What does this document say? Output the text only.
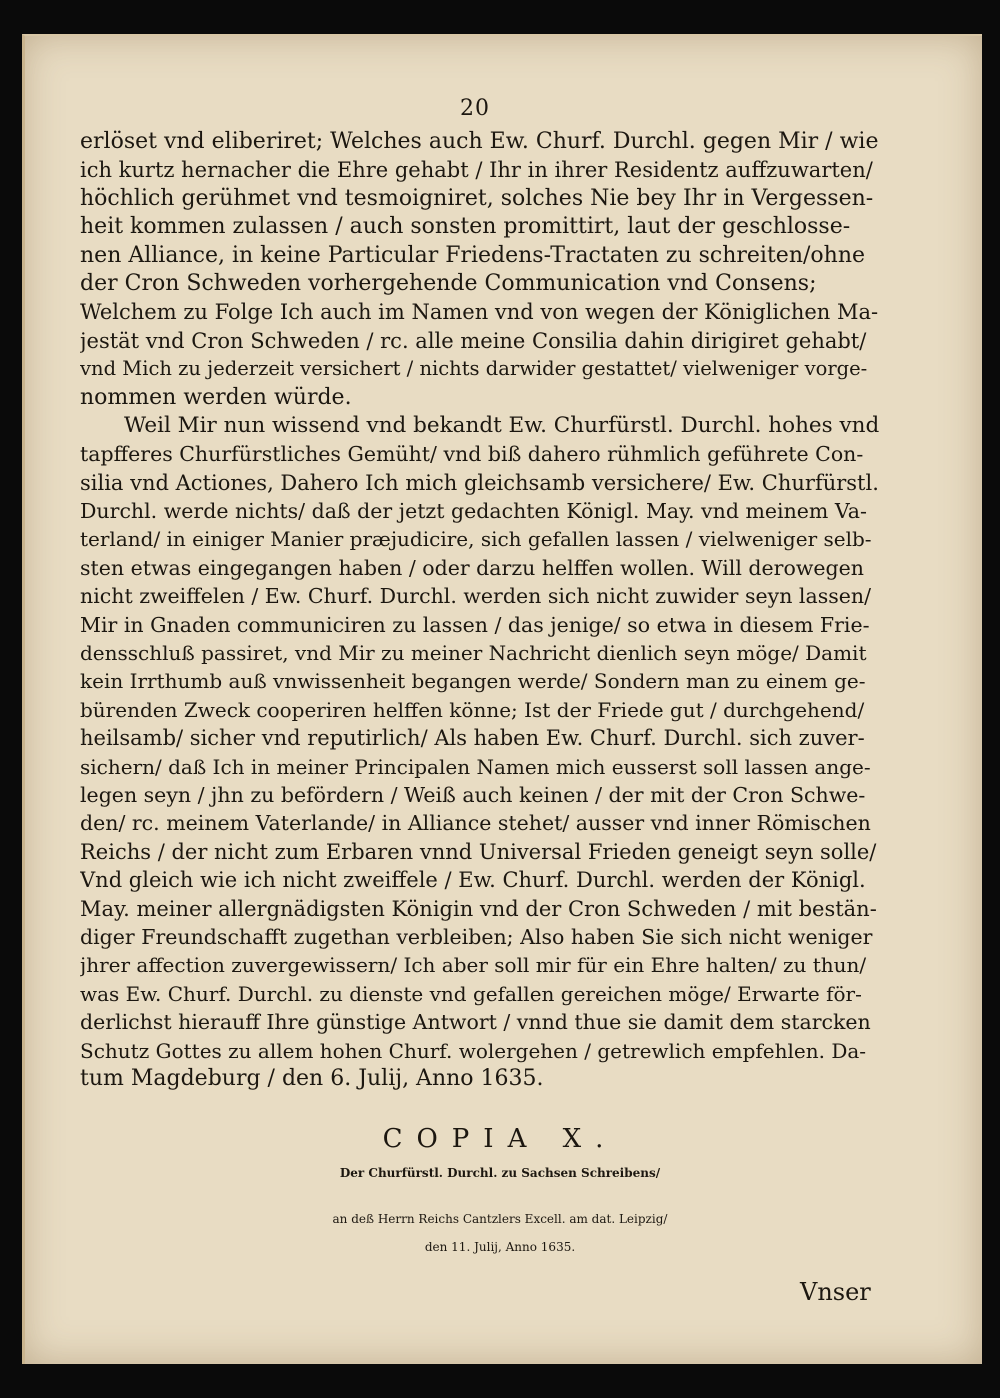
20
erlöset vnd eliberiret; Welches auch Ew. Churf. Durchl. gegen Mir / wie
ich kurtz hernacher die Ehre gehabt / Ihr in ihrer Residentz auffzuwarten/
höchlich gerühmet vnd tesmoigniret, solches Nie bey Ihr in Vergessen-
heit kommen zulassen / auch sonsten promittirt, laut der geschlosse-
nen Alliance, in keine Particular Friedens-Tractaten zu schreiten/ohne
der Cron Schweden vorhergehende Communication vnd Consens;
Welchem zu Folge Ich auch im Namen vnd von wegen der Königlichen Ma-
jestät vnd Cron Schweden / rc. alle meine Consilia dahin dirigiret gehabt/
vnd Mich zu jederzeit versichert / nichts darwider gestattet/ vielweniger vorge-
nommen werden würde.
Weil Mir nun wissend vnd bekandt Ew. Churfürstl. Durchl. hohes vnd
tapfferes Churfürstliches Gemüht/ vnd biß dahero rühmlich geführete Con-
silia vnd Actiones, Dahero Ich mich gleichsamb versichere/ Ew. Churfürstl.
Durchl. werde nichts/ daß der jetzt gedachten Königl. May. vnd meinem Va-
terland/ in einiger Manier præjudicire, sich gefallen lassen / vielweniger selb-
sten etwas eingegangen haben / oder darzu helffen wollen. Will derowegen
nicht zweiffelen / Ew. Churf. Durchl. werden sich nicht zuwider seyn lassen/
Mir in Gnaden communiciren zu lassen / das jenige/ so etwa in diesem Frie-
densschluß passiret, vnd Mir zu meiner Nachricht dienlich seyn möge/ Damit
kein Irrthumb auß vnwissenheit begangen werde/ Sondern man zu einem ge-
bürenden Zweck cooperiren helffen könne; Ist der Friede gut / durchgehend/
heilsamb/ sicher vnd reputirlich/ Als haben Ew. Churf. Durchl. sich zuver-
sichern/ daß Ich in meiner Principalen Namen mich eusserst soll lassen ange-
legen seyn / jhn zu befördern / Weiß auch keinen / der mit der Cron Schwe-
den/ rc. meinem Vaterlande/ in Alliance stehet/ ausser vnd inner Römischen
Reichs / der nicht zum Erbaren vnnd Universal Frieden geneigt seyn solle/
Vnd gleich wie ich nicht zweiffele / Ew. Churf. Durchl. werden der Königl.
May. meiner allergnädigsten Königin vnd der Cron Schweden / mit bestän-
diger Freundschafft zugethan verbleiben; Also haben Sie sich nicht weniger
jhrer affection zuvergewissern/ Ich aber soll mir für ein Ehre halten/ zu thun/
was Ew. Churf. Durchl. zu dienste vnd gefallen gereichen möge/ Erwarte för-
derlichst hierauff Ihre günstige Antwort / vnnd thue sie damit dem starcken
Schutz Gottes zu allem hohen Churf. wolergehen / getrewlich empfehlen. Da-
tum Magdeburg / den 6. Julij, Anno 1635.
COPIA X.
Der Churfürstl. Durchl. zu Sachsen Schreibens/
an deß Herrn Reichs Cantzlers Excell. am dat. Leipzig/
den 11. Julij, Anno 1635.
Vnser
